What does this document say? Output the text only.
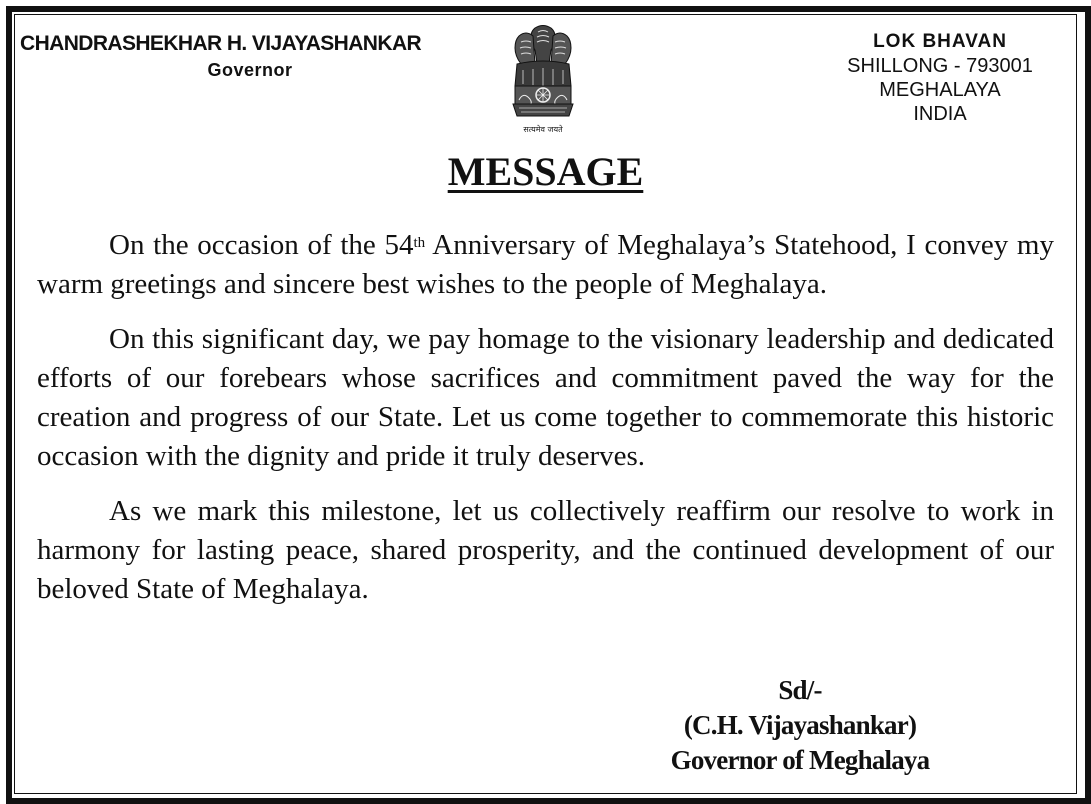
CHANDRASHEKHAR H. VIJAYASHANKAR
Governor
सत्यमेव जयते
LOK BHAVAN
SHILLONG - 793001
MEGHALAYA
INDIA
MESSAGE

On the occasion of the 54th Anniversary of Meghalaya’s Statehood, I convey my warm greetings and sincere best wishes to the people of Meghalaya.

On this significant day, we pay homage to the visionary leadership and dedicated efforts of our forebears whose sacrifices and commitment paved the way for the creation and progress of our State. Let us come together to commemorate this historic occasion with the dignity and pride it truly deserves.

As we mark this milestone, let us collectively reaffirm our resolve to work in harmony for lasting peace, shared prosperity, and the continued development of our beloved State of Meghalaya.

Sd/-
(C.H. Vijayashankar)
Governor of Meghalaya
